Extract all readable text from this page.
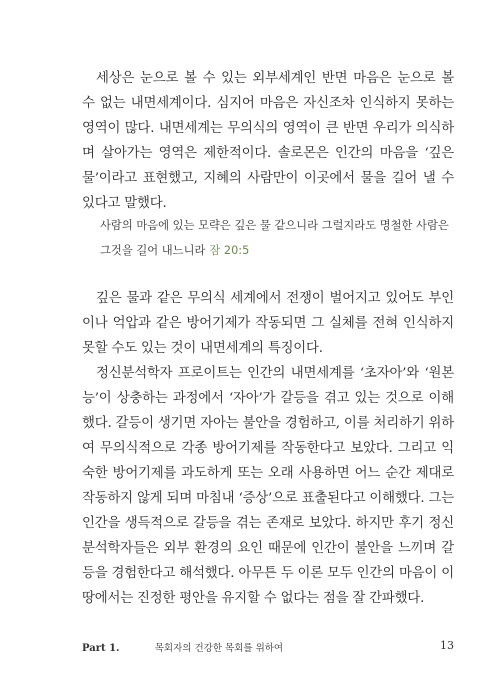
세상은 눈으로 볼 수 있는 외부세계인 반면 마음은 눈으로 볼 수 없는 내면세계이다. 심지어 마음은 자신조차 인식하지 못하는 영역이 많다. 내면세계는 무의식의 영역이 큰 반면 우리가 의식하며 살아가는 영역은 제한적이다. 솔로몬은 인간의 마음을 ‘깊은 물’이라고 표현했고, 지혜의 사람만이 이곳에서 물을 길어 낼 수 있다고 말했다.

사람의 마음에 있는 모략은 깊은 물 같으니라 그럴지라도 명철한 사람은 그것을 길어 내느니라 잠 20:5

깊은 물과 같은 무의식 세계에서 전쟁이 벌어지고 있어도 부인이나 억압과 같은 방어기제가 작동되면 그 실체를 전혀 인식하지 못할 수도 있는 것이 내면세계의 특징이다.

정신분석학자 프로이트는 인간의 내면세계를 ‘초자아’와 ‘원본능’이 상충하는 과정에서 ‘자아’가 갈등을 겪고 있는 것으로 이해했다. 갈등이 생기면 자아는 불안을 경험하고, 이를 처리하기 위하여 무의식적으로 각종 방어기제를 작동한다고 보았다. 그리고 익숙한 방어기제를 과도하게 또는 오래 사용하면 어느 순간 제대로 작동하지 않게 되며 마침내 ‘증상’으로 표출된다고 이해했다. 그는 인간을 생득적으로 갈등을 겪는 존재로 보았다. 하지만 후기 정신분석학자들은 외부 환경의 요인 때문에 인간이 불안을 느끼며 갈등을 경험한다고 해석했다. 아무튼 두 이론 모두 인간의 마음이 이 땅에서는 진정한 평안을 유지할 수 없다는 점을 잘 간파했다.

Part 1.	목회자의 건강한 목회를 위하여	13
